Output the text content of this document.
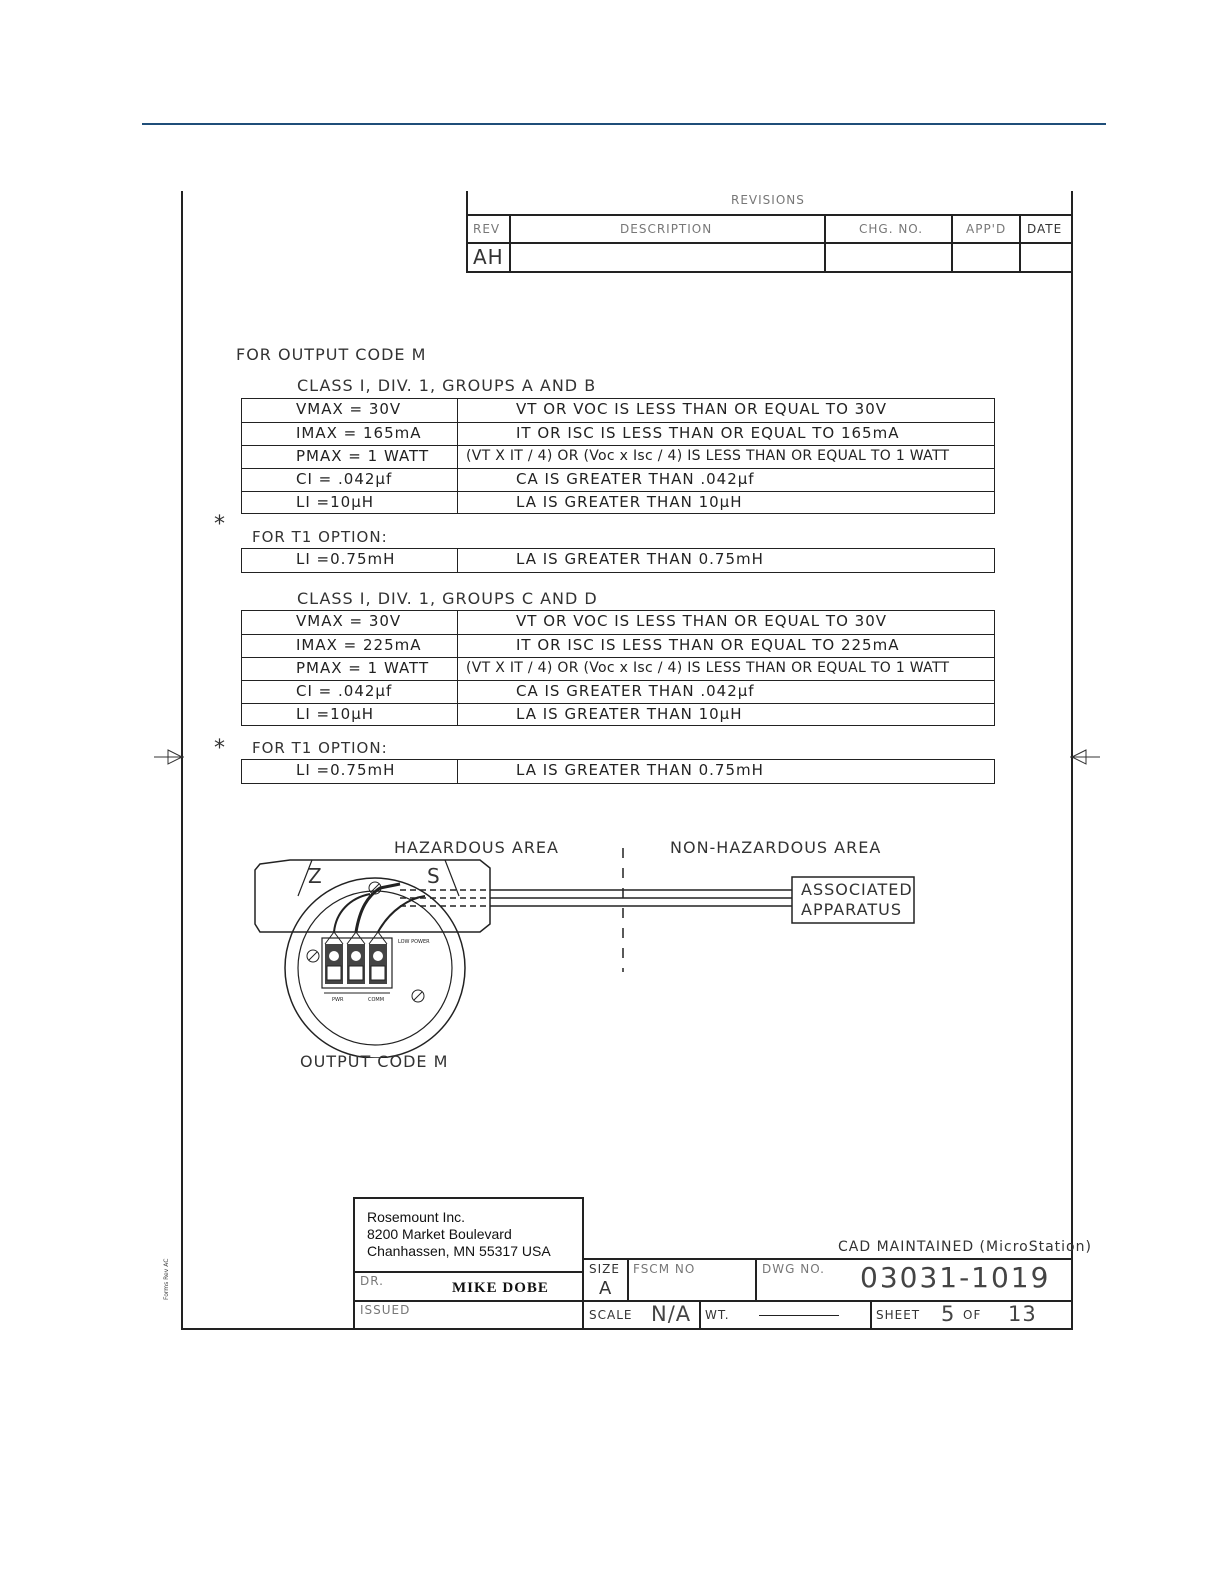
REVISIONS
REV	DESCRIPTION	CHG. NO.	APP'D DATE
AH
FOR OUTPUT CODE M
CLASS I, DIV. 1, GROUPS A AND B
VMAX = 30V	VT OR VOC IS LESS THAN OR EQUAL TO 30V
IMAX = 165mA	IT OR ISC IS LESS THAN OR EQUAL TO 165mA
PMAX = 1 WATT	(VT X IT / 4) OR (Voc x Isc / 4) IS LESS THAN OR EQUAL TO 1 WATT
CI = .042µf	CA IS GREATER THAN .042µf
LI =10µH	LA IS GREATER THAN 10µH
* FOR T1 OPTION:
LI =0.75mH	LA IS GREATER THAN 0.75mH
CLASS I, DIV. 1, GROUPS C AND D
VMAX = 30V	VT OR VOC IS LESS THAN OR EQUAL TO 30V
IMAX = 225mA	IT OR ISC IS LESS THAN OR EQUAL TO 225mA
PMAX = 1 WATT	(VT X IT / 4) OR (Voc x Isc / 4) IS LESS THAN OR EQUAL TO 1 WATT
CI = .042µf	CA IS GREATER THAN .042µf
LI =10µH	LA IS GREATER THAN 10µH
* FOR T1 OPTION:
LI =0.75mH	LA IS GREATER THAN 0.75mH
HAZARDOUS AREA	NON-HAZARDOUS AREA
PWR	COMM
LOW POWER
Z	S
ASSOCIATED
APPARATUS
OUTPUT CODE M
Rosemount Inc.
8200 Market Boulevard
Chanhassen, MN 55317 USA	CAD MAINTAINED (MicroStation)
DR.	MIKE DOBE
ISSUED
SIZE
A
FSCM NO	DWG NO. 03031-1019
SCALE N/A WT.	SHEET 5 OF 13
Forms Rev AC
